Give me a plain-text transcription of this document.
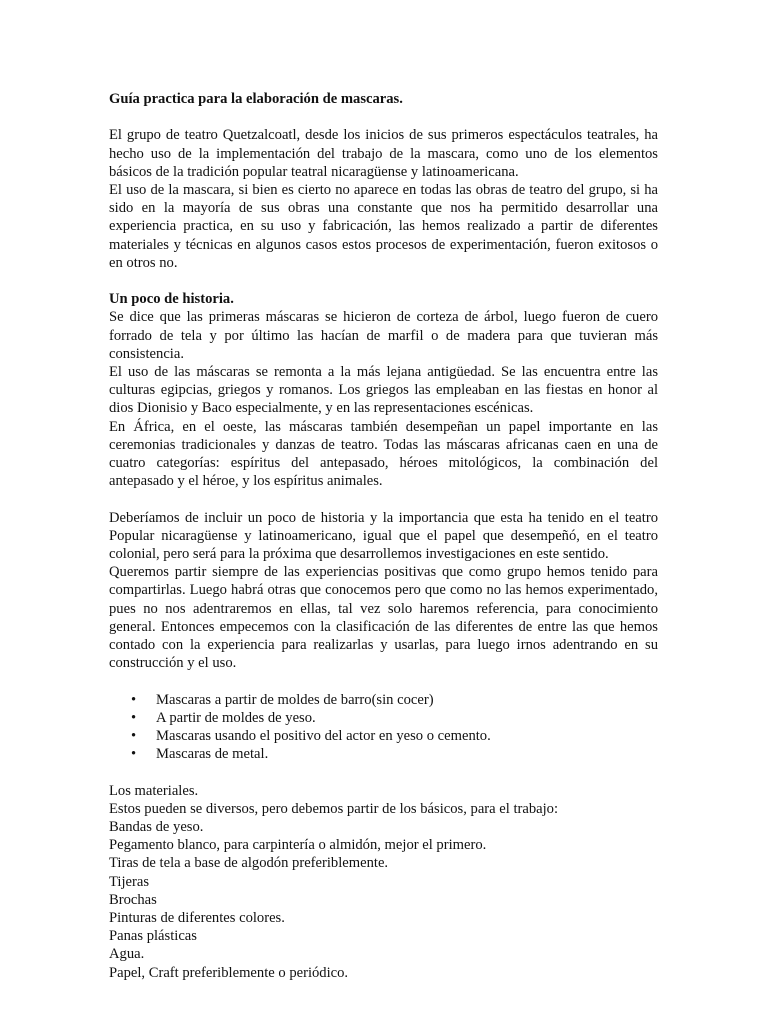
Guía practica para la elaboración de mascaras.

El grupo de teatro Quetzalcoatl, desde los inicios de sus primeros espectáculos teatrales, ha hecho uso de la implementación del trabajo de la mascara, como uno de los elementos básicos de la tradición popular teatral nicaragüense y latinoamericana.

El uso de la mascara, si bien es cierto no aparece en todas las obras de teatro del grupo, si ha sido en la mayoría de sus obras una constante que nos ha permitido desarrollar una experiencia practica, en su uso y fabricación, las hemos realizado a partir de diferentes materiales y técnicas en algunos casos estos procesos de experimentación, fueron exitosos o en otros no.

Un poco de historia.

Se dice que las primeras máscaras se hicieron de corteza de árbol, luego fueron de cuero forrado de tela y por último las hacían de marfil o de madera para que tuvieran más consistencia.

El uso de las máscaras se remonta a la más lejana antigüedad. Se las encuentra entre las culturas egipcias, griegos y romanos. Los griegos las empleaban en las fiestas en honor al dios Dionisio y Baco especialmente, y en las representaciones escénicas.

En África, en el oeste, las máscaras también desempeñan un papel importante en las ceremonias tradicionales y danzas de teatro. Todas las máscaras africanas caen en una de cuatro categorías: espíritus del antepasado, héroes mitológicos, la combinación del antepasado y el héroe, y los espíritus animales.

Deberíamos de incluir un poco de historia y la importancia que esta ha tenido en el teatro Popular nicaragüense y latinoamericano, igual que el papel que desempeñó, en el teatro colonial, pero será para la próxima que desarrollemos investigaciones en este sentido.

Queremos partir siempre de las experiencias positivas que como grupo hemos tenido para compartirlas. Luego habrá otras que conocemos pero que como no las hemos experimentado, pues no nos adentraremos en ellas, tal vez solo haremos referencia, para conocimiento general. Entonces empecemos con la clasificación de las diferentes de entre las que hemos contado con la experiencia para realizarlas y usarlas, para luego irnos adentrando en su construcción y el uso.

• Mascaras a partir de moldes de barro(sin cocer)
• A partir de moldes de yeso.
• Mascaras usando el positivo del actor en yeso o cemento.
• Mascaras de metal.

Los materiales.

Estos pueden se diversos, pero debemos partir de los básicos, para el trabajo:

Bandas de yeso.

Pegamento blanco, para carpintería o almidón, mejor el primero.

Tiras de tela a base de algodón preferiblemente.

Tijeras

Brochas

Pinturas de diferentes colores.

Panas plásticas

Agua.

Papel, Craft preferiblemente o periódico.
